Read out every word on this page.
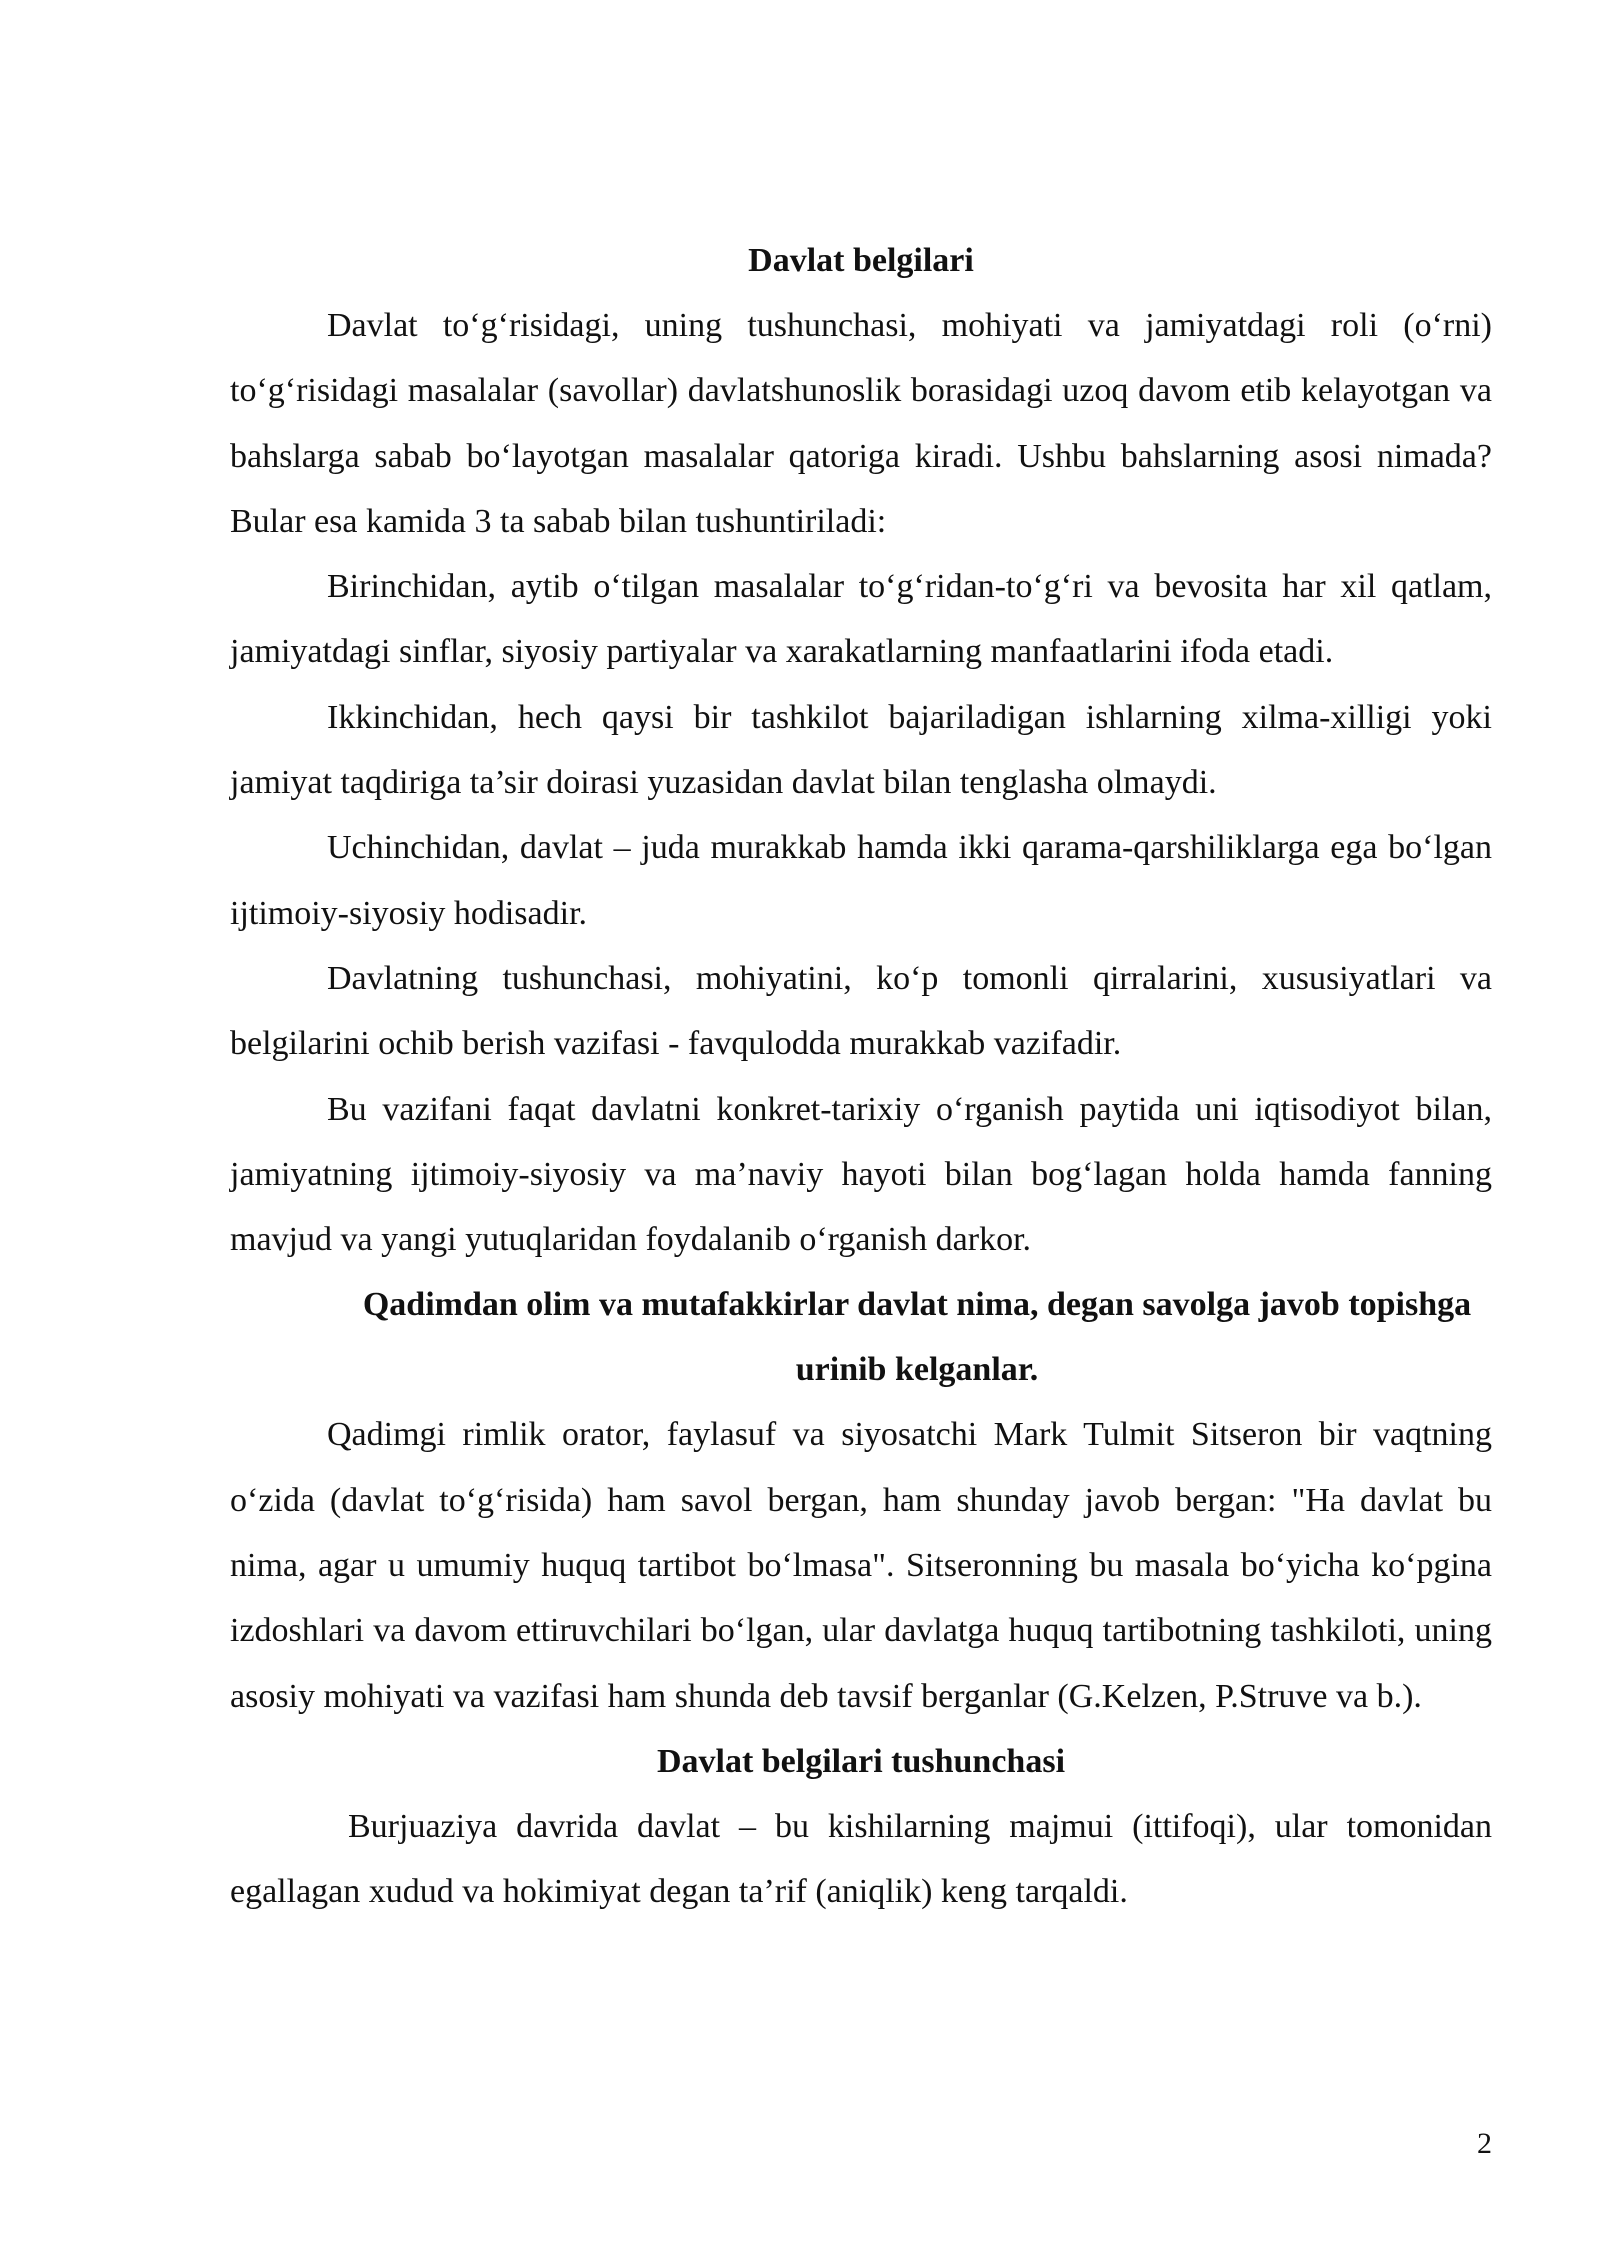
Davlat belgilari

Davlat to‘g‘risidagi, uning tushunchasi, mohiyati va jamiyatdagi roli (o‘rni) to‘g‘risidagi masalalar (savollar) davlatshunoslik borasidagi uzoq davom etib kelayotgan va bahslarga sabab bo‘layotgan masalalar qatoriga kiradi. Ushbu bahslarning asosi nimada? Bular esa kamida 3 ta sabab bilan tushuntiriladi:

Birinchidan, aytib o‘tilgan masalalar to‘g‘ridan-to‘g‘ri va bevosita har xil qatlam, jamiyatdagi sinflar, siyosiy partiyalar va xarakatlarning manfaatlarini ifoda etadi.

Ikkinchidan, hech qaysi bir tashkilot bajariladigan ishlarning xilma-xilligi yoki jamiyat taqdiriga ta’sir doirasi yuzasidan davlat bilan tenglasha olmaydi.

Uchinchidan, davlat – juda murakkab hamda ikki qarama-qarshiliklarga ega bo‘lgan ijtimoiy-siyosiy hodisadir.

Davlatning tushunchasi, mohiyatini, ko‘p tomonli qirralarini, xususiyatlari va belgilarini ochib berish vazifasi - favqulodda murakkab vazifadir.

Bu vazifani faqat davlatni konkret-tarixiy o‘rganish paytida uni iqtisodiyot bilan, jamiyatning ijtimoiy-siyosiy va ma’naviy hayoti bilan bog‘lagan holda hamda fanning mavjud va yangi yutuqlaridan foydalanib o‘rganish darkor.

Qadimdan olim va mutafakkirlar davlat nima, degan savolga javob topishga urinib kelganlar.

Qadimgi rimlik orator, faylasuf va siyosatchi Mark Tulmit Sitseron bir vaqtning o‘zida (davlat to‘g‘risida) ham savol bergan, ham shunday javob bergan: "Ha davlat bu nima, agar u umumiy huquq tartibot bo‘lmasa". Sitseronning bu masala bo‘yicha ko‘pgina izdoshlari va davom ettiruvchilari bo‘lgan, ular davlatga huquq tartibotning tashkiloti, uning asosiy mohiyati va vazifasi ham shunda deb tavsif berganlar (G.Kelzen, P.Struve va b.).

Davlat belgilari tushunchasi

Burjuaziya davrida davlat – bu kishilarning majmui (ittifoqi), ular tomonidan egallagan xudud va hokimiyat degan ta’rif (aniqlik) keng tarqaldi.

2
